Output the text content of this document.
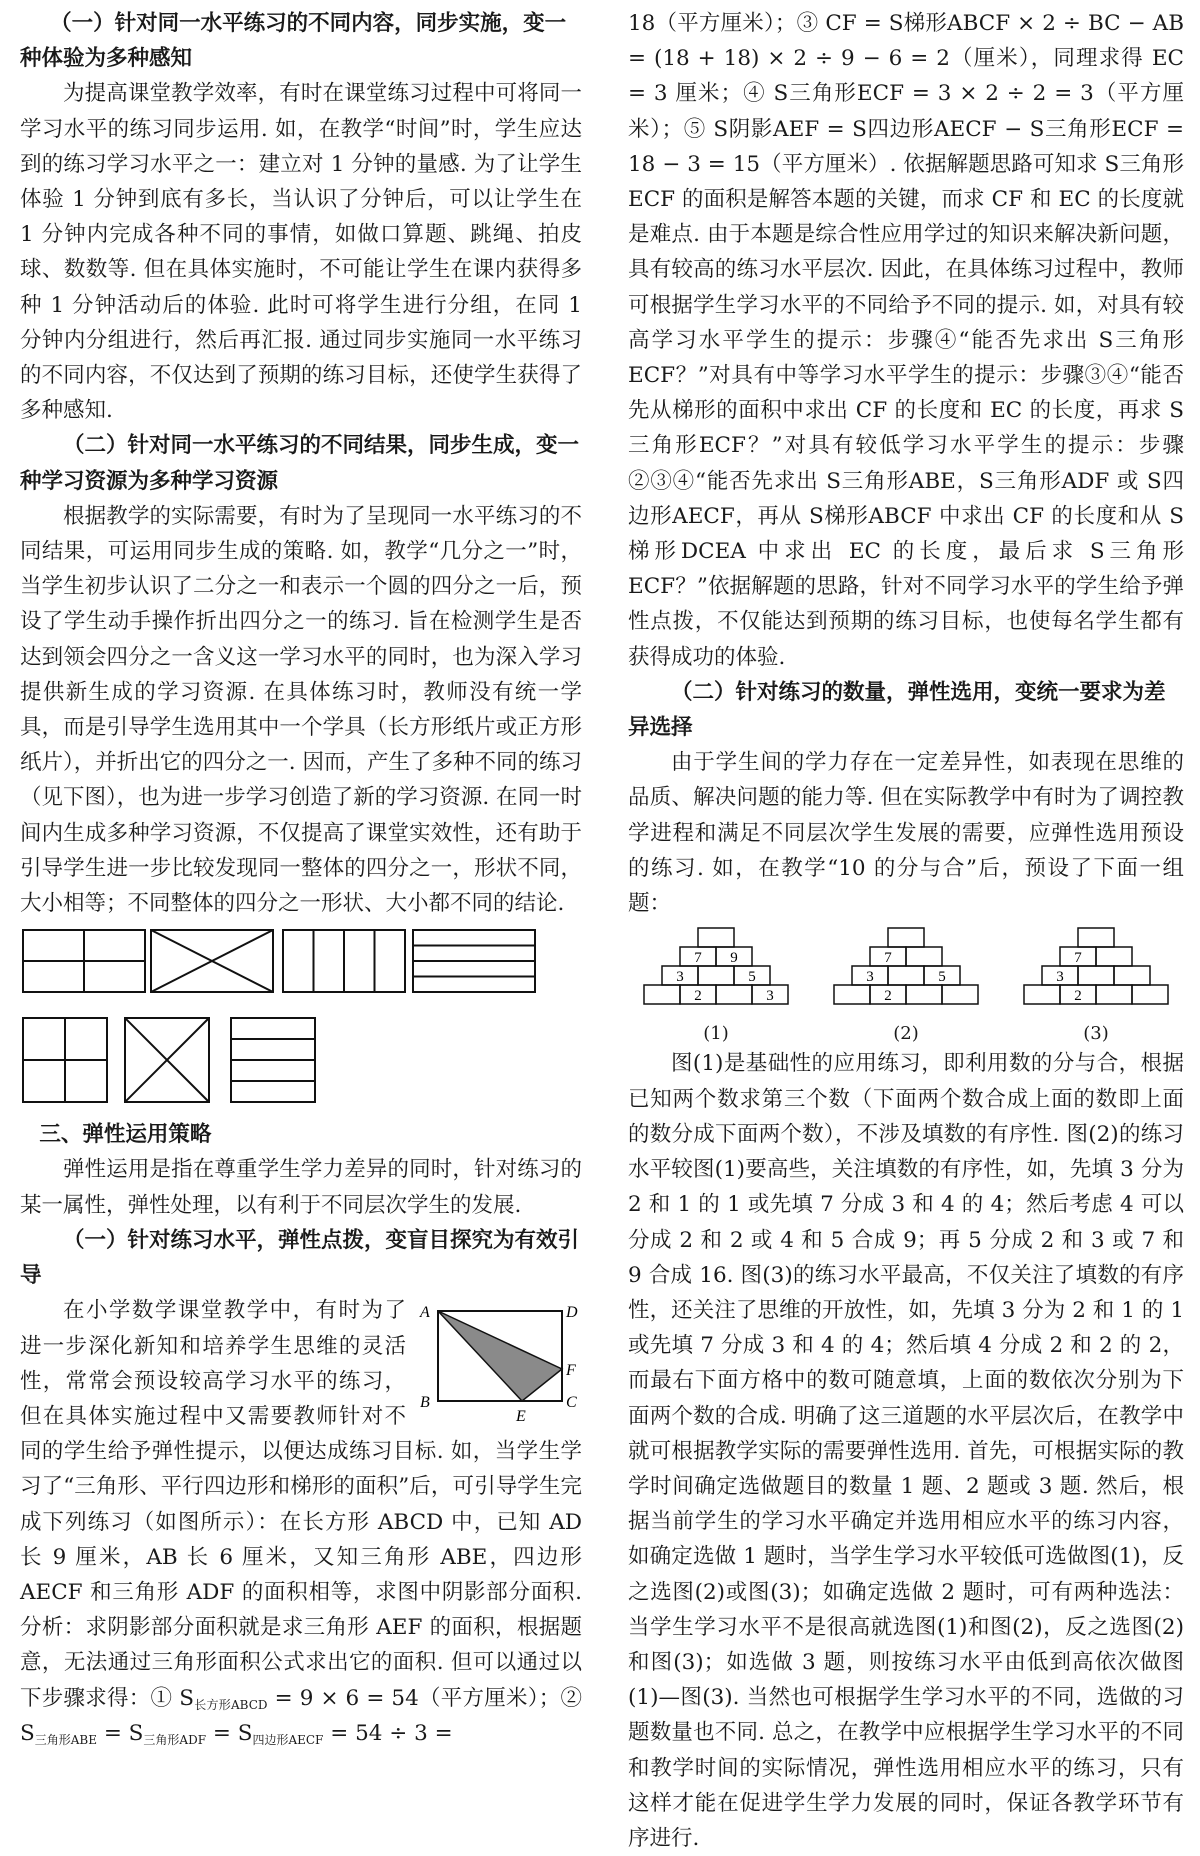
（一）针对同一水平练习的不同内容，同步实施，变一种体验为多种感知

为提高课堂教学效率，有时在课堂练习过程中可将同一学习水平的练习同步运用. 如，在教学“时间”时，学生应达到的练习学习水平之一：建立对 1 分钟的量感. 为了让学生体验 1 分钟到底有多长，当认识了分钟后，可以让学生在 1 分钟内完成各种不同的事情，如做口算题、跳绳、拍皮球、数数等. 但在具体实施时，不可能让学生在课内获得多种 1 分钟活动后的体验. 此时可将学生进行分组，在同 1 分钟内分组进行，然后再汇报. 通过同步实施同一水平练习的不同内容，不仅达到了预期的练习目标，还使学生获得了多种感知.

（二）针对同一水平练习的不同结果，同步生成，变一种学习资源为多种学习资源

根据教学的实际需要，有时为了呈现同一水平练习的不同结果，可运用同步生成的策略. 如，教学“几分之一”时，当学生初步认识了二分之一和表示一个圆的四分之一后，预设了学生动手操作折出四分之一的练习. 旨在检测学生是否达到领会四分之一含义这一学习水平的同时，也为深入学习提供新生成的学习资源. 在具体练习时，教师没有统一学具，而是引导学生选用其中一个学具（长方形纸片或正方形纸片），并折出它的四分之一. 因而，产生了多种不同的练习（见下图），也为进一步学习创造了新的学习资源. 在同一时间内生成多种学习资源，不仅提高了课堂实效性，还有助于引导学生进一步比较发现同一整体的四分之一，形状不同，大小相等；不同整体的四分之一形状、大小都不同的结论.

三、弹性运用策略

弹性运用是指在尊重学生学力差异的同时，针对练习的某一属性，弹性处理，以有利于不同层次学生的发展.

（一）针对练习水平，弹性点拨，变盲目探究为有效引导
A	D
F
B
E
C

在小学数学课堂教学中，有时为了进一步深化新知和培养学生思维的灵活性，常常会预设较高学习水平的练习，但在具体实施过程中又需要教师针对不同的学生给予弹性提示，以便达成练习目标. 如，当学生学习了“三角形、平行四边形和梯形的面积”后，可引导学生完成下列练习（如图所示）：在长方形 ABCD 中，已知 AD 长 9 厘米，AB 长 6 厘米，又知三角形 ABE，四边形 AECF 和三角形 ADF 的面积相等，求图中阴影部分面积. 分析：求阴影部分面积就是求三角形 AEF 的面积，根据题意，无法通过三角形面积公式求出它的面积. 但可以通过以下步骤求得：① $S_{长方形ABCD} = 9 \times 6 = 54$（平方厘米）；② $S_{三角形ABE} = S_{三角形ADF} = S_{四边形AECF} = 54 \div 3$ =

18（平方厘米）；③ CF = S梯形ABCF × 2 ÷ BC − AB = (18 + 18) × 2 ÷ 9 − 6 = 2（厘米），同理求得 EC = 3 厘米；④ S三角形ECF = 3 × 2 ÷ 2 = 3（平方厘米）；⑤ S阴影AEF = S四边形AECF − S三角形ECF = 18 − 3 = 15（平方厘米）. 依据解题思路可知求 S三角形ECF 的面积是解答本题的关键，而求 CF 和 EC 的长度就是难点. 由于本题是综合性应用学过的知识来解决新问题，具有较高的练习水平层次. 因此，在具体练习过程中，教师可根据学生学习水平的不同给予不同的提示. 如，对具有较高学习水平学生的提示：步骤④“能否先求出 S三角形ECF？”对具有中等学习水平学生的提示：步骤③④“能否先从梯形的面积中求出 CF 的长度和 EC 的长度，再求 S三角形ECF？”对具有较低学习水平学生的提示：步骤②③④“能否先求出 S三角形ABE，S三角形ADF 或 S四边形AECF，再从 S梯形ABCF 中求出 CF 的长度和从 S梯形DCEA 中求出 EC 的长度，最后求 S三角形ECF？”依据解题的思路，针对不同学习水平的学生给予弹性点拨，不仅能达到预期的练习目标，也使每名学生都有获得成功的体验.

（二）针对练习的数量，弹性选用，变统一要求为差异选择

由于学生间的学力存在一定差异性，如表现在思维的品质、解决问题的能力等. 但在实际教学中有时为了调控教学进程和满足不同层次学生发展的需要，应弹性选用预设的练习. 如，在教学“10 的分与合”后，预设了下面一组题：

7 9
3	5
2	3
(1)
7
3	5
2
(2)
7
3
2
(3)

图(1)是基础性的应用练习，即利用数的分与合，根据已知两个数求第三个数（下面两个数合成上面的数即上面的数分成下面两个数），不涉及填数的有序性. 图(2)的练习水平较图(1)要高些，关注填数的有序性，如，先填 3 分为 2 和 1 的 1 或先填 7 分成 3 和 4 的 4；然后考虑 4 可以分成 2 和 2 或 4 和 5 合成 9；再 5 分成 2 和 3 或 7 和 9 合成 16. 图(3)的练习水平最高，不仅关注了填数的有序性，还关注了思维的开放性，如，先填 3 分为 2 和 1 的 1 或先填 7 分成 3 和 4 的 4；然后填 4 分成 2 和 2 的 2，而最右下面方格中的数可随意填，上面的数依次分别为下面两个数的合成. 明确了这三道题的水平层次后，在教学中就可根据教学实际的需要弹性选用. 首先，可根据实际的教学时间确定选做题目的数量 1 题、2 题或 3 题. 然后，根据当前学生的学习水平确定并选用相应水平的练习内容，如确定选做 1 题时，当学生学习水平较低可选做图(1)，反之选图(2)或图(3)；如确定选做 2 题时，可有两种选法：当学生学习水平不是很高就选图(1)和图(2)，反之选图(2)和图(3)；如选做 3 题，则按练习水平由低到高依次做图(1)—图(3). 当然也可根据学生学习水平的不同，选做的习题数量也不同. 总之，在教学中应根据学生学习水平的不同和教学时间的实际情况，弹性选用相应水平的练习，只有这样才能在促进学生学力发展的同时，保证各教学环节有序进行.
